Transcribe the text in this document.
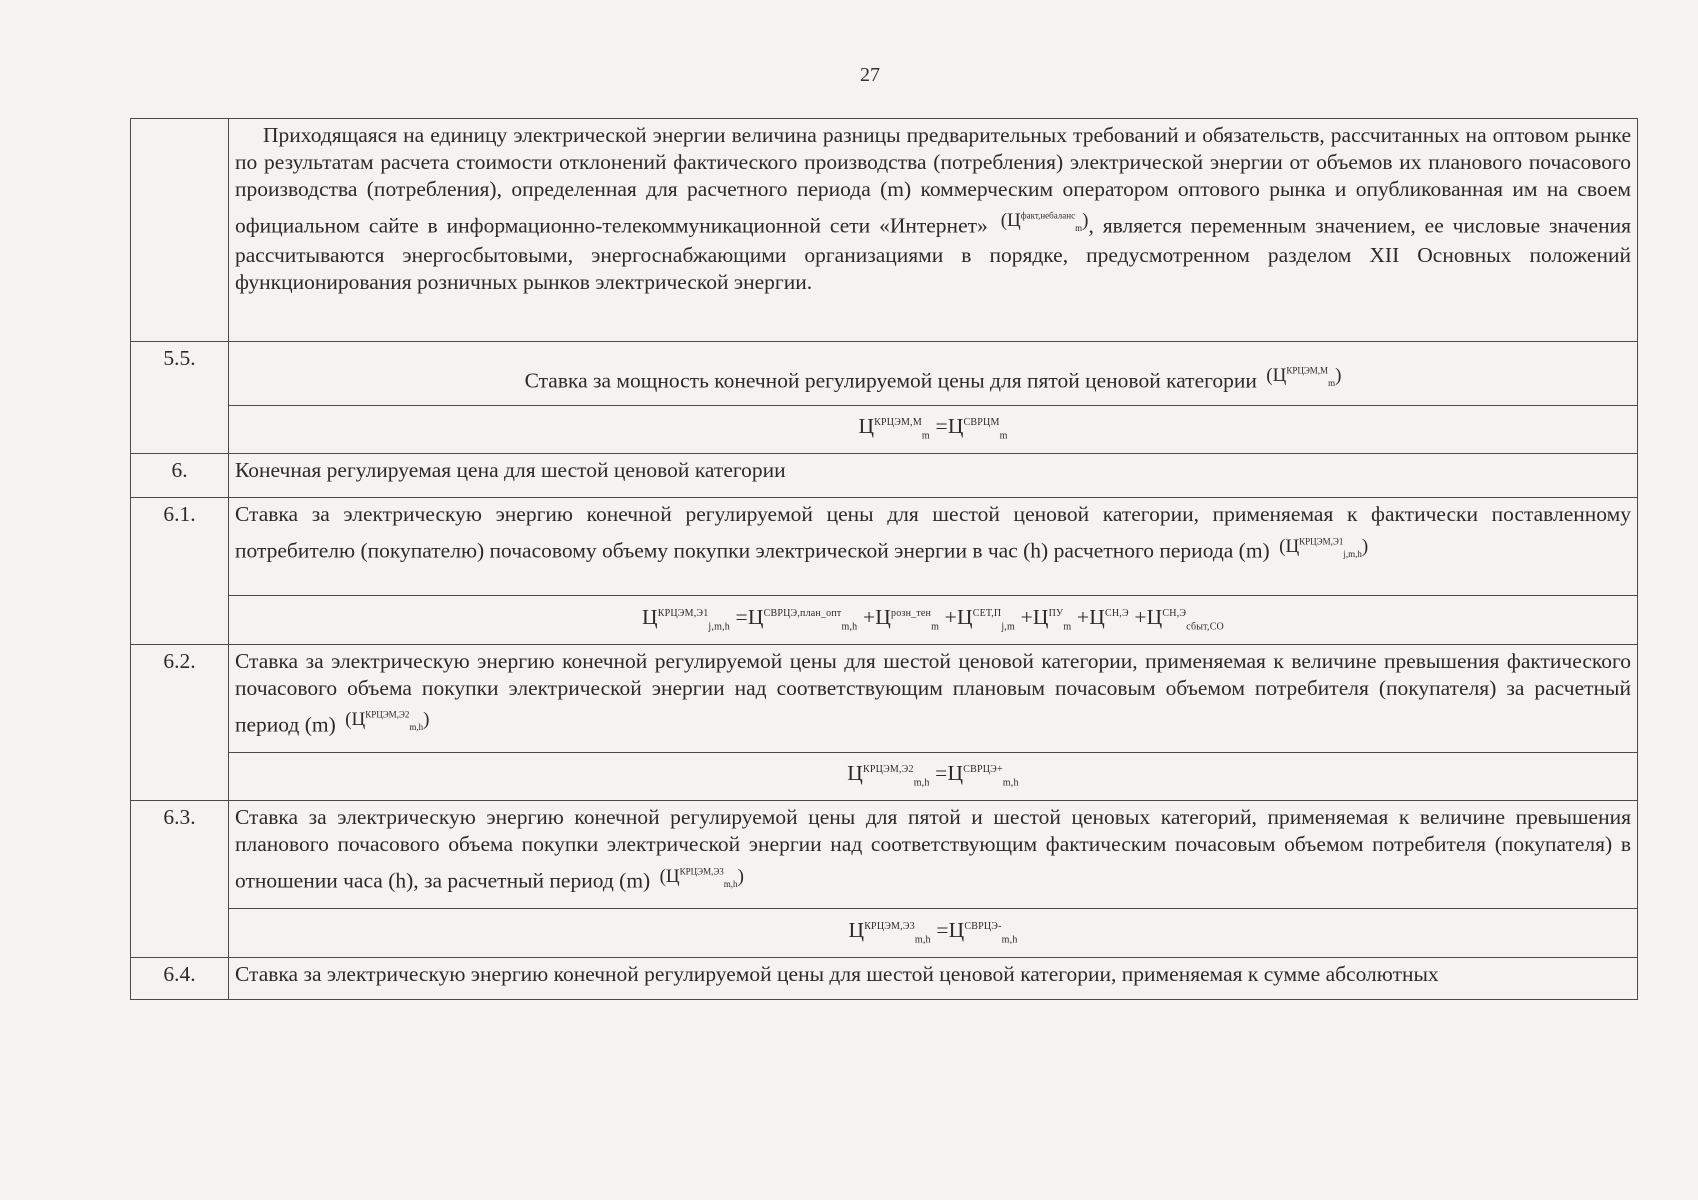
27
	Приходящаяся на единицу электрической энергии величина разницы предварительных требований и обязательств, рассчитанных на оптовом рынке по результатам расчета стоимости отклонений фактического производства (потребления) электрической энергии от объемов их планового почасового производства (потребления), определенная для расчетного периода (m) коммерческим оператором оптового рынка и опубликованная им на своем официальном сайте в информационно-телекоммуникационной сети «Интернет» $(Ц^{факт,небаланс}_m)$, является переменным значением, ее числовые значения рассчитываются энергосбытовыми, энергоснабжающими организациями в порядке, предусмотренном разделом XII Основных положений функционирования розничных рынков электрической энергии.
5.5.	Ставка за мощность конечной регулируемой цены для пятой ценовой категории $(Ц^{КРЦЭМ,М}_m)$
	$Ц^{КРЦЭМ,М}_m =Ц^{СВРЦМ}_m$
6.	Конечная регулируемая цена для шестой ценовой категории
6.1.	Ставка за электрическую энергию конечной регулируемой цены для шестой ценовой категории, применяемая к фактически поставленному потребителю (покупателю) почасовому объему покупки электрической энергии в час (h) расчетного периода (m) $(Ц^{КРЦЭМ,Э1}_{j,m,h})$
	$Ц^{КРЦЭМ,Э1}_{j,m,h} =Ц^{СВРЦЭ,план\_опт}_{m,h} +Ц^{розн\_тен}_m +Ц^{СЕТ,П}_{j,m} +Ц^{ПУ}_m +Ц^{СН,Э} +Ц^{СН,Э}_{сбыт,СО}$
6.2.	Ставка за электрическую энергию конечной регулируемой цены для шестой ценовой категории, применяемая к величине превышения фактического почасового объема покупки электрической энергии над соответствующим плановым почасовым объемом потребителя (покупателя) за расчетный период (m) $(Ц^{КРЦЭМ,Э2}_{m,h})$
	$Ц^{КРЦЭМ,Э2}_{m,h} =Ц^{СВРЦЭ+}_{m,h}$
6.3.	Ставка за электрическую энергию конечной регулируемой цены для пятой и шестой ценовых категорий, применяемая к величине превышения планового почасового объема покупки электрической энергии над соответствующим фактическим почасовым объемом потребителя (покупателя) в отношении часа (h), за расчетный период (m) $(Ц^{КРЦЭМ,Э3}_{m,h})$
	$Ц^{КРЦЭМ,Э3}_{m,h} =Ц^{СВРЦЭ-}_{m,h}$
6.4.	Ставка за электрическую энергию конечной регулируемой цены для шестой ценовой категории, применяемая к сумме абсолютных
